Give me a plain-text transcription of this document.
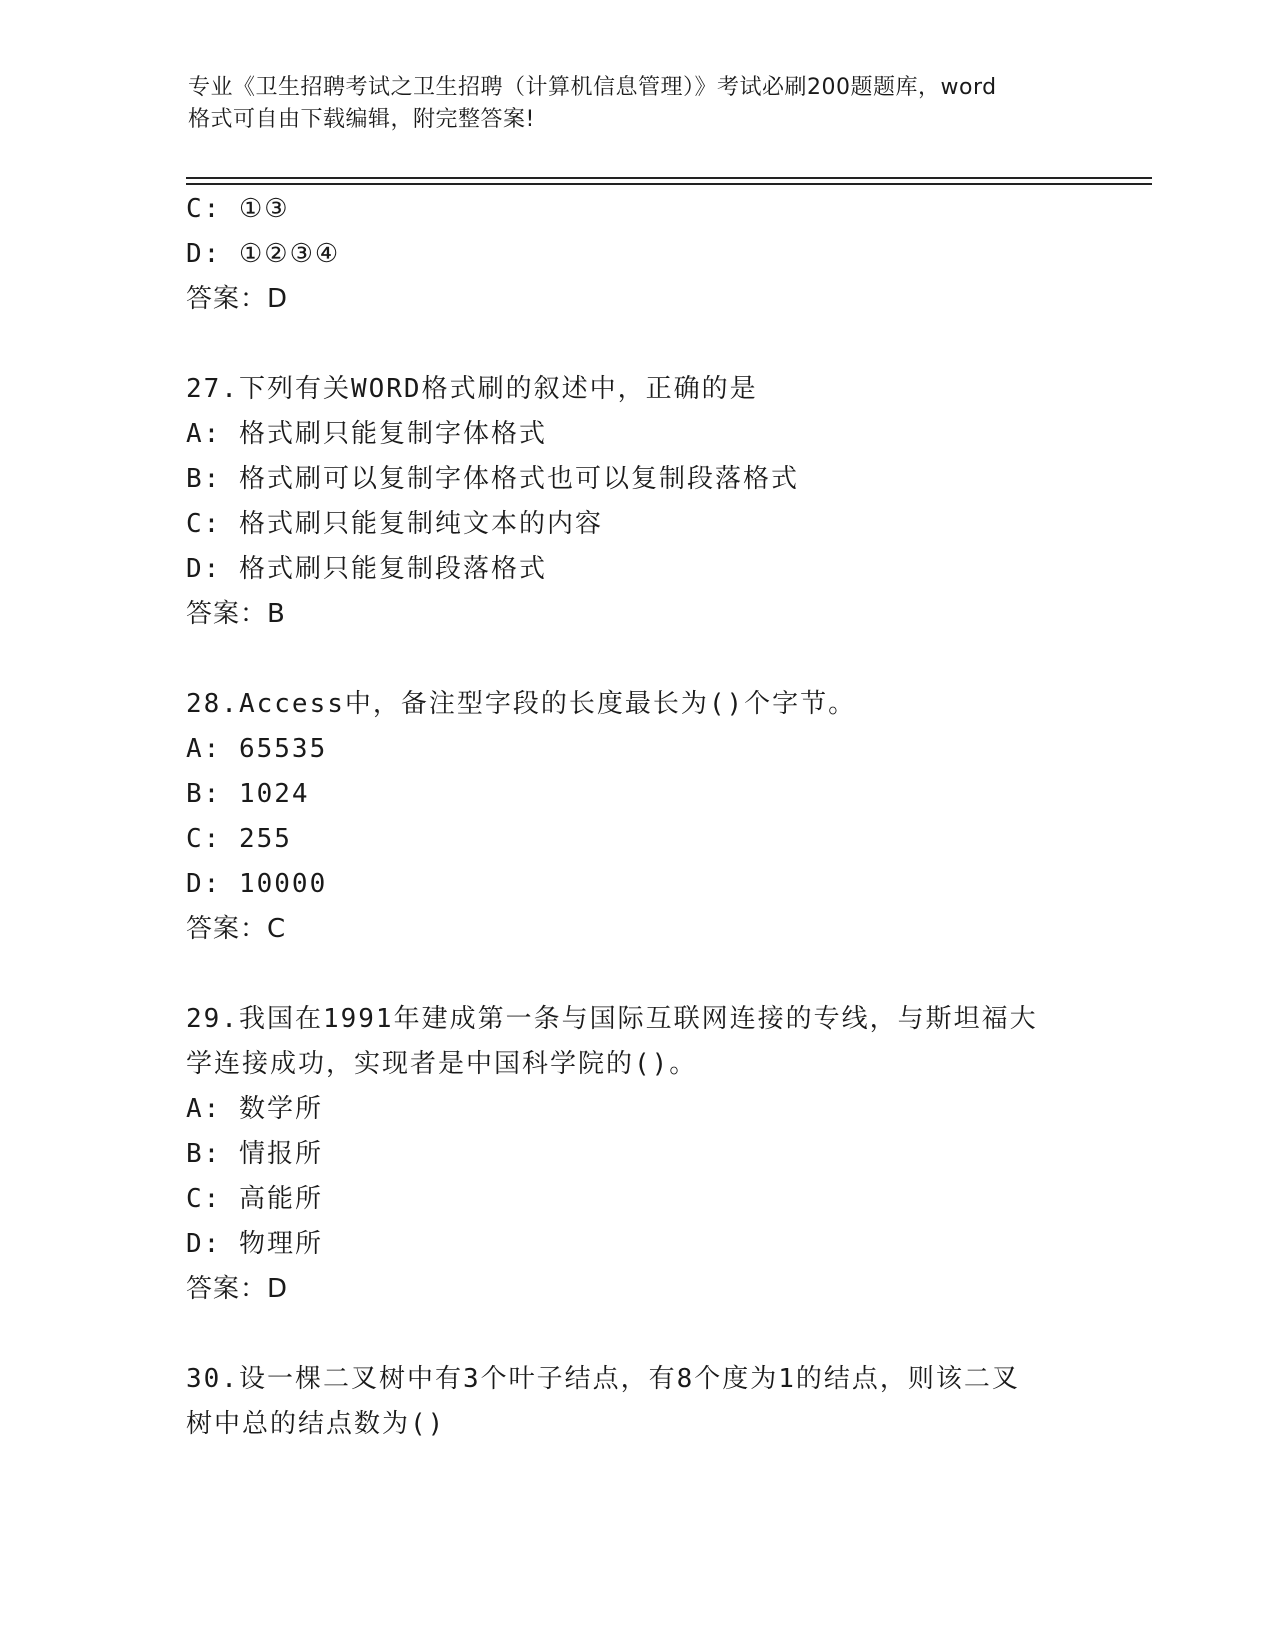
专业《卫生招聘考试之卫生招聘（计算机信息管理）》考试必刷200题题库，word
格式可自由下载编辑，附完整答案!
C: ①③
D: ①②③④
答案：D
27.下列有关WORD格式刷的叙述中，正确的是
A: 格式刷只能复制字体格式
B: 格式刷可以复制字体格式也可以复制段落格式
C: 格式刷只能复制纯文本的内容
D: 格式刷只能复制段落格式
答案：B
28.Access中，备注型字段的长度最长为()个字节。
A: 65535
B: 1024
C: 255
D: 10000
答案：C
29.我国在1991年建成第一条与国际互联网连接的专线，与斯坦福大
学连接成功，实现者是中国科学院的()。
A: 数学所
B: 情报所
C: 高能所
D: 物理所
答案：D
30.设一棵二叉树中有3个叶子结点，有8个度为1的结点，则该二叉
树中总的结点数为()
